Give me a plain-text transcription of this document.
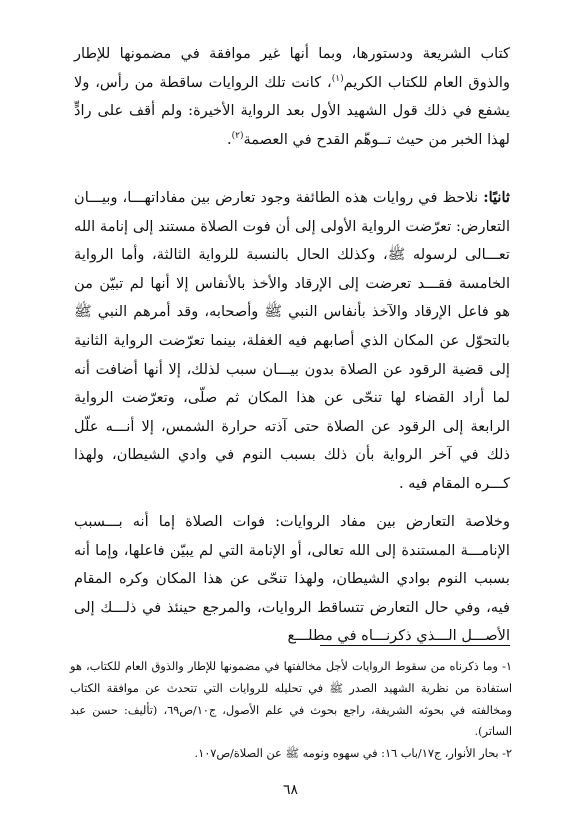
كتاب الشريعة ودستورها، وبما أنها غير موافقة في مضمونها للإطار والذوق العام للكتاب الكريم$^{(١)}$، كانت تلك الروايات ساقطة من رأس، ولا يشفع في ذلك قول الشهيد الأول بعد الرواية الأخيرة: ولم أقف على رادٍّ لهذا الخبر من حيث تــوهّم القدح في العصمة$^{(٢)}$.

ثانيًا: نلاحظ في روايات هذه الطائفة وجود تعارض بين مفاداتهـــا، وبيـــان التعارض: تعرّضت الرواية الأولى إلى أن فوت الصلاة مستند إلى إنامة الله تعـــالى لرسوله ﷺ، وكذلك الحال بالنسبة للرواية الثالثة، وأما الرواية الخامسة فقـــد تعرضت إلى الإرقاد والأخذ بالأنفاس إلا أنها لم تبيّن من هو فاعل الإرقاد والآخذ بأنفاس النبي ﷺ وأصحابه، وقد أمرهم النبي ﷺ بالتحوّل عن المكان الذي أصابهم فيه الغفلة، بينما تعرّضت الرواية الثانية إلى قضية الرقود عن الصلاة بدون بيـــان سبب لذلك، إلا أنها أضافت أنه لما أراد القضاء لها تنحّى عن هذا المكان ثم صلّى، وتعرّضت الرواية الرابعة إلى الرقود عن الصلاة حتى آذته حرارة الشمس، إلا أنـــه علّل ذلك في آخر الرواية بأن ذلك بسبب النوم في وادي الشيطان، ولهذا كـــره المقام فيه .

وخلاصة التعارض بين مفاد الروايات: فوات الصلاة إما أنه بـــسبب الإنامـــة المستندة إلى الله تعالى، أو الإنامة التي لم يبيّن فاعلها، وإما أنه بسبب النوم بوادي الشيطان، ولهذا تنحّى عن هذا المكان وكره المقام فيه، وفي حال التعارض تتساقط الروايات، والمرجع حينئذ في ذلـــك إلى الأصـــل الـــذي ذكرنـــاه في مطلـــع

١- وما ذكرناه من سقوط الروايات لأجل مخالفتها في مضمونها للإطار والذوق العام للكتاب، هو استفادة من نظرية الشهيد الصدر ﷺ في تحليله للروايات التي تتحدث عن موافقة الكتاب ومخالفته في بحوثه الشريفة، راجع بحوث في علم الأصول، ج١٠/ص٦٩، (تأليف: حسن عبد الساتر).

٢- بحار الأنوار، ج١٧/باب ١٦: في سهوه ونومه ﷺ عن الصلاة/ص١٠٧.

٦٨
